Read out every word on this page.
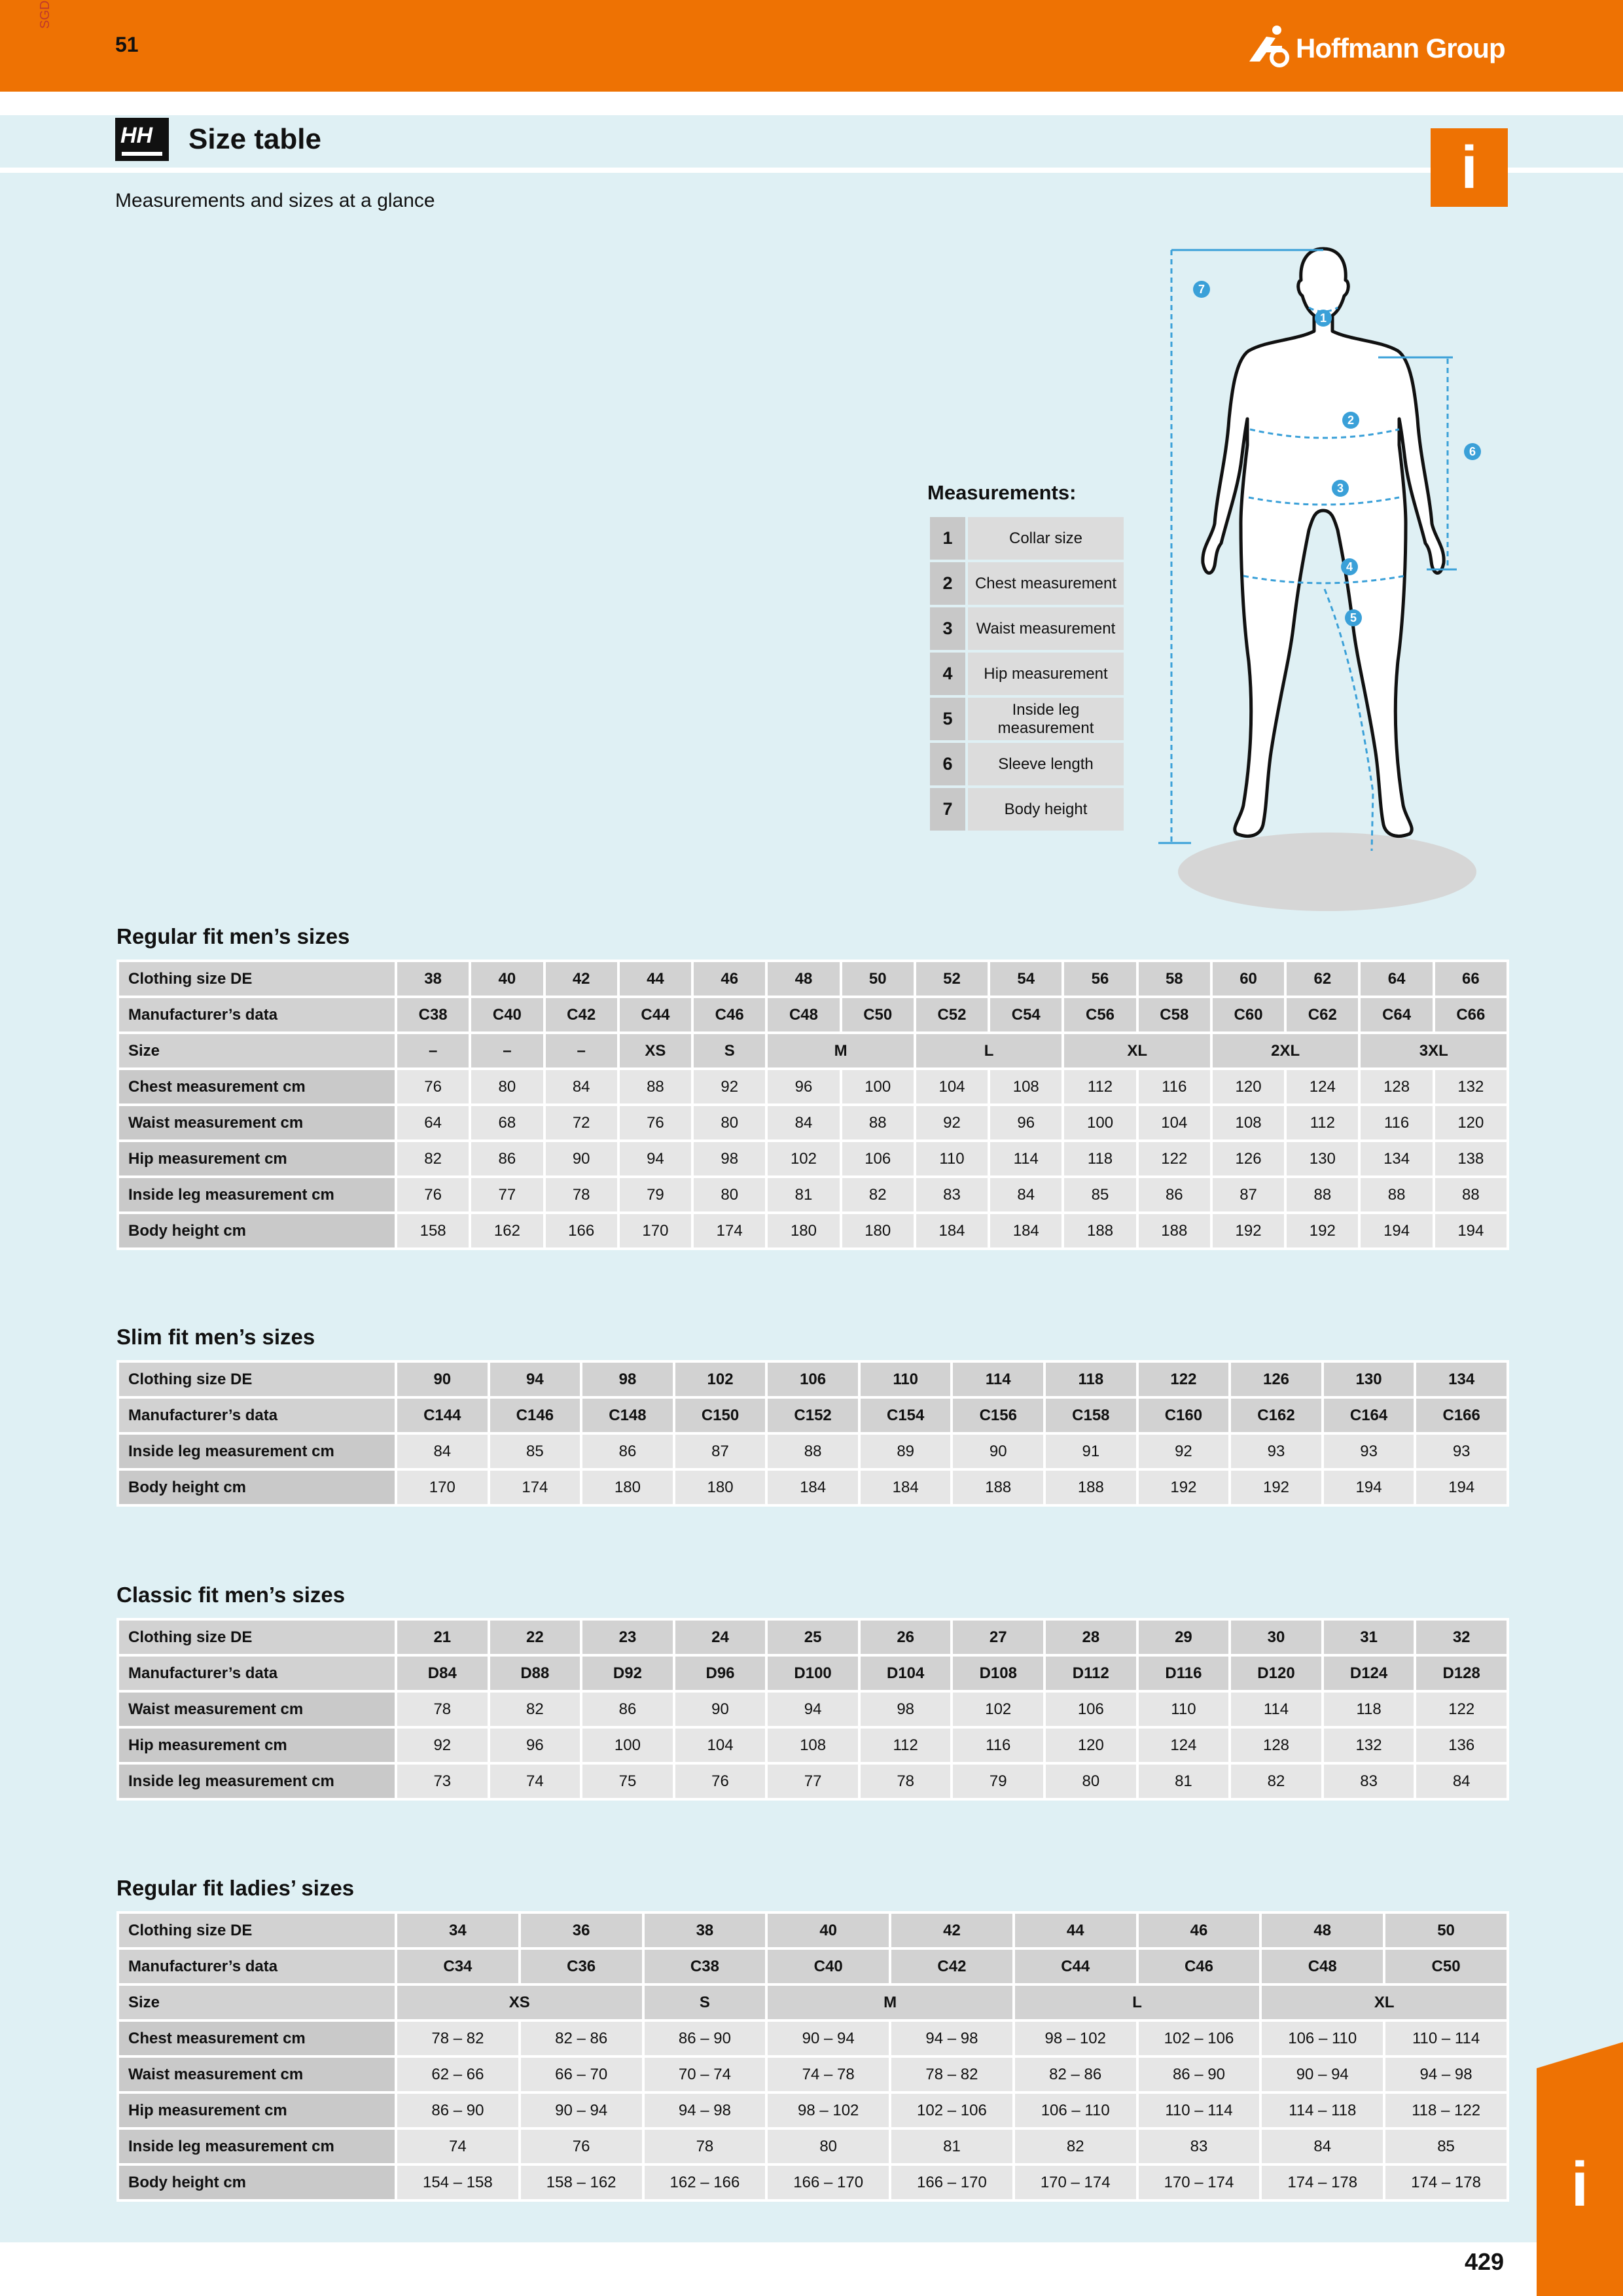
SGD
51	Hoffmann Group
HH Size table	i
Measurements and sizes at a glance
Measurements:
1	Collar size
2	Chest measurement
3	Waist measurement
4	Hip measurement
5	Inside leg measurement
6	Sleeve length
7	Body height
1
2
3
4
5
6
7
Regular fit men’s sizes
Clothing size DE	38	40	42	44	46	48	50	52	54	56	58	60	62	64	66
Manufacturer’s data	C38	C40	C42	C44	C46	C48	C50	C52	C54	C56	C58	C60	C62	C64	C66
Size	–	–	–	XS	S	M		L		XL		2XL		3XL	
Chest measurement cm	76	80	84	88	92	96	100	104	108	112	116	120	124	128	132
Waist measurement cm	64	68	72	76	80	84	88	92	96	100	104	108	112	116	120
Hip measurement cm	82	86	90	94	98	102	106	110	114	118	122	126	130	134	138
Inside leg measurement cm	76	77	78	79	80	81	82	83	84	85	86	87	88	88	88
Body height cm	158	162	166	170	174	180	180	184	184	188	188	192	192	194	194
Slim fit men’s sizes
Clothing size DE	90	94	98	102	106	110	114	118	122	126	130	134
Manufacturer’s data	C144	C146	C148	C150	C152	C154	C156	C158	C160	C162	C164	C166
Inside leg measurement cm	84	85	86	87	88	89	90	91	92	93	93	93
Body height cm	170	174	180	180	184	184	188	188	192	192	194	194
Classic fit men’s sizes
Clothing size DE	21	22	23	24	25	26	27	28	29	30	31	32
Manufacturer’s data	D84	D88	D92	D96	D100	D104	D108	D112	D116	D120	D124	D128
Waist measurement cm	78	82	86	90	94	98	102	106	110	114	118	122
Hip measurement cm	92	96	100	104	108	112	116	120	124	128	132	136
Inside leg measurement cm	73	74	75	76	77	78	79	80	81	82	83	84
Regular fit ladies’ sizes
Clothing size DE	34	36	38	40	42	44	46	48	50
Manufacturer’s data	C34	C36	C38	C40	C42	C44	C46	C48	C50
Size	XS		S	M		L		XL	
Chest measurement cm	78 – 82	82 – 86	86 – 90	90 – 94	94 – 98	98 – 102	102 – 106	106 – 110	110 – 114
Waist measurement cm	62 – 66	66 – 70	70 – 74	74 – 78	78 – 82	82 – 86	86 – 90	90 – 94	94 – 98
Hip measurement cm	86 – 90	90 – 94	94 – 98	98 – 102	102 – 106	106 – 110	110 – 114	114 – 118	118 – 122
Inside leg measurement cm	74	76	78	80	81	82	83	84	85
Body height cm	154 – 158	158 – 162	162 – 166	166 – 170	166 – 170	170 – 174	170 – 174	174 – 178	174 – 178 i
429
